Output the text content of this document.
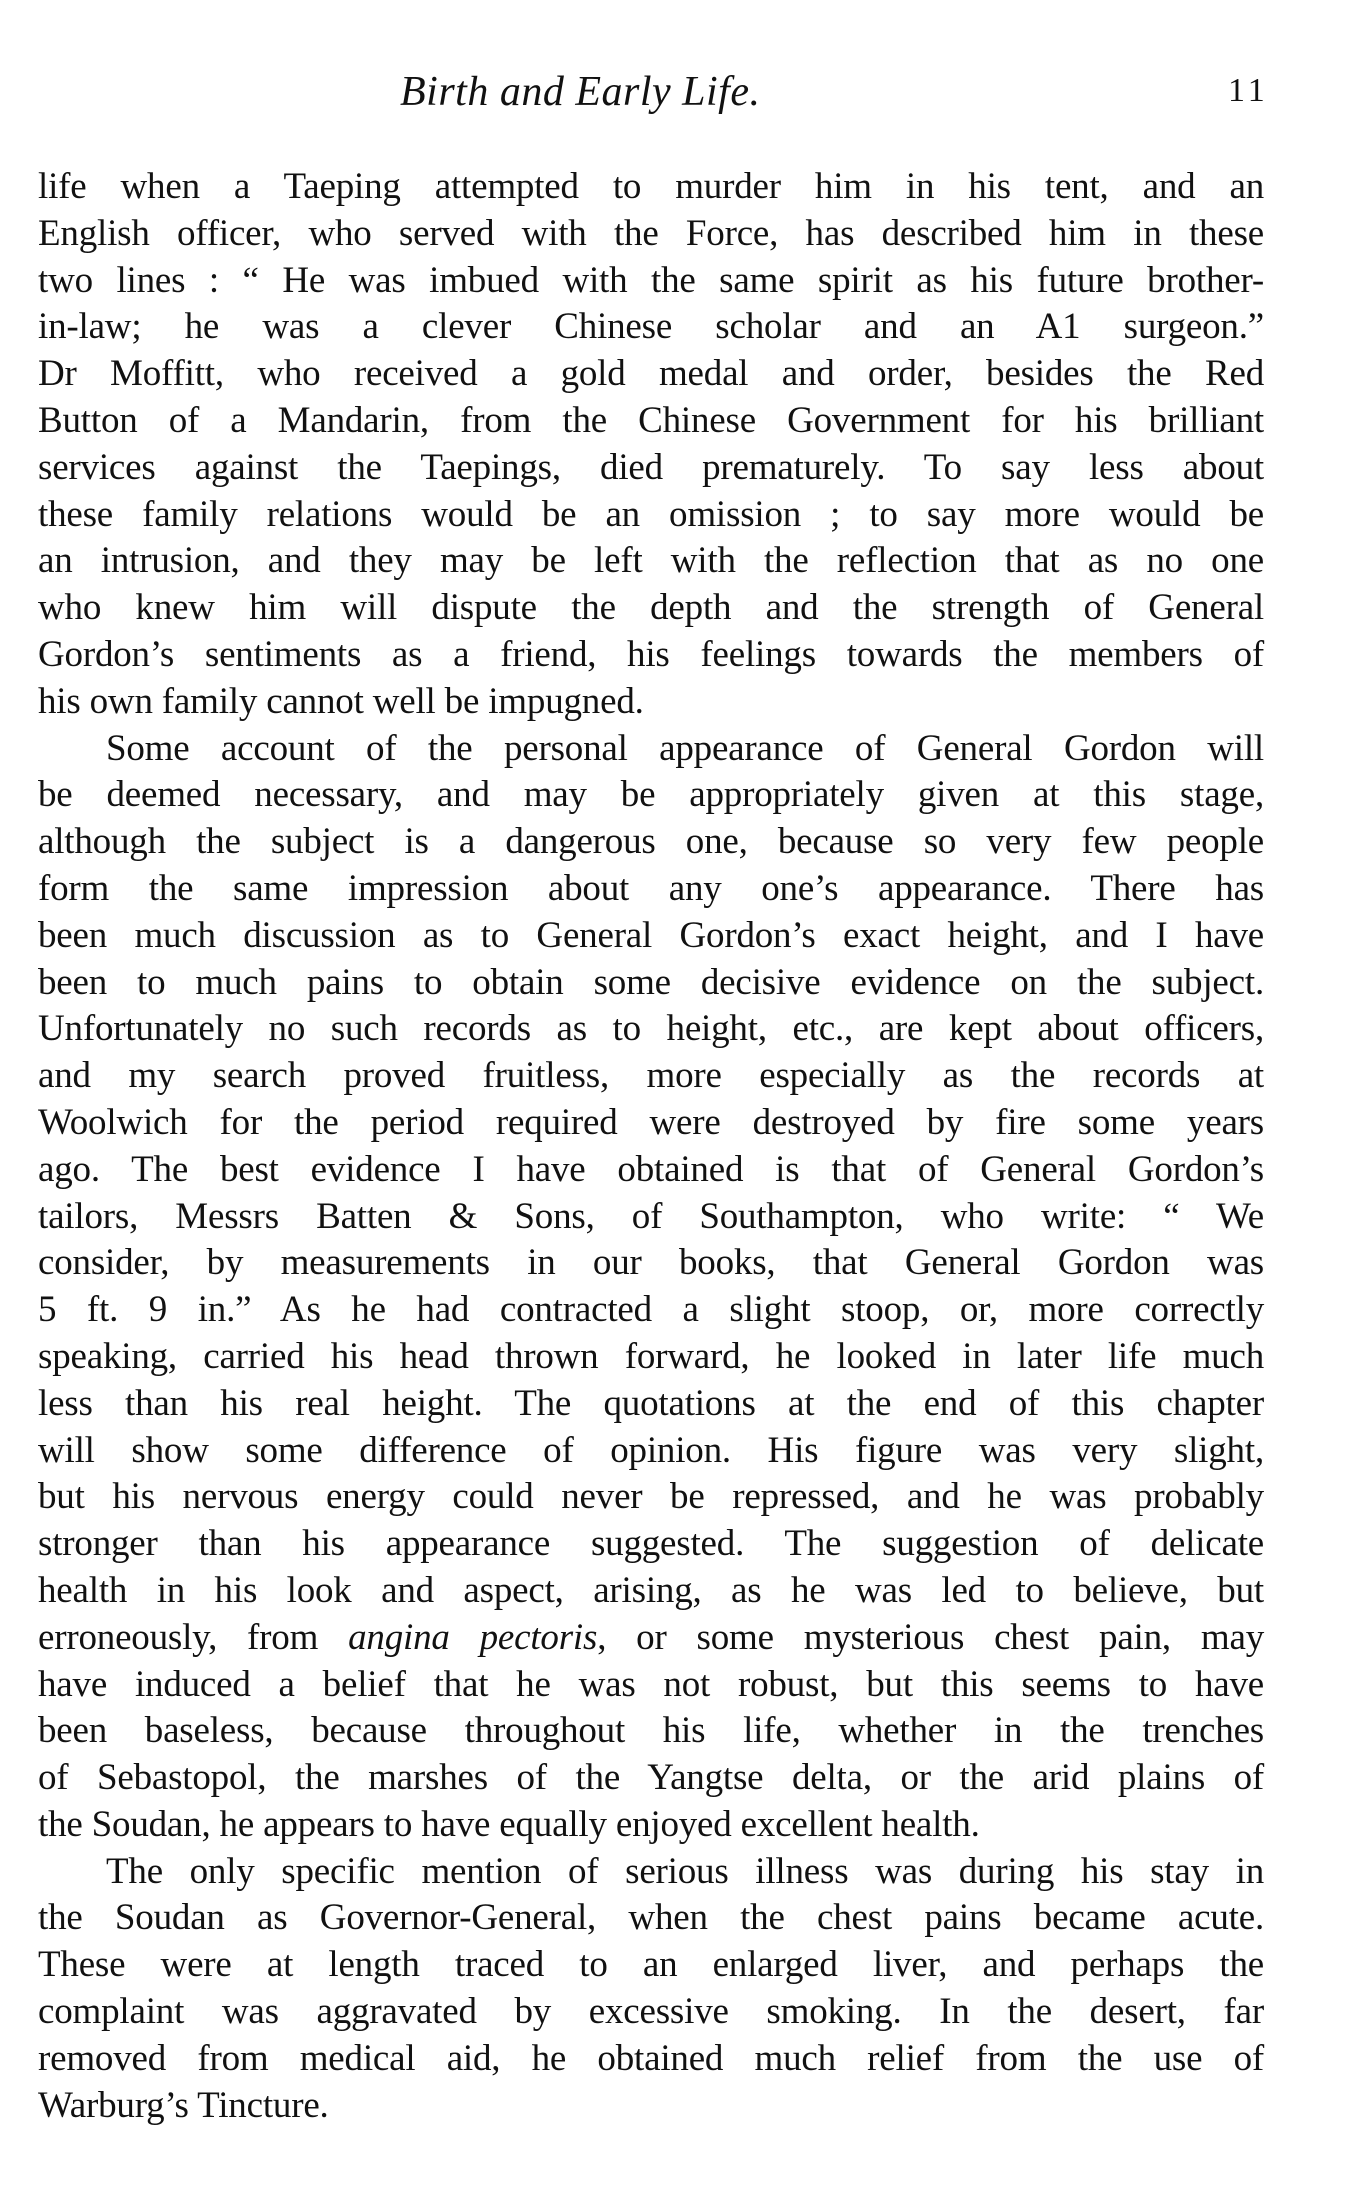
Birth and Early Life.	11
life when a Taeping attempted to murder him in his tent, and an
English officer, who served with the Force, has described him in these
two lines : “ He was imbued with the same spirit as his future brother-
in-law; he was a clever Chinese scholar and an A1 surgeon.”
Dr Moffitt, who received a gold medal and order, besides the Red
Button of a Mandarin, from the Chinese Government for his brilliant
services against the Taepings, died prematurely. To say less about
these family relations would be an omission ; to say more would be
an intrusion, and they may be left with the reflection that as no one
who knew him will dispute the depth and the strength of General
Gordon’s sentiments as a friend, his feelings towards the members of
his own family cannot well be impugned.
Some account of the personal appearance of General Gordon will
be deemed necessary, and may be appropriately given at this stage,
although the subject is a dangerous one, because so very few people
form the same impression about any one’s appearance. There has
been much discussion as to General Gordon’s exact height, and I have
been to much pains to obtain some decisive evidence on the subject.
Unfortunately no such records as to height, etc., are kept about officers,
and my search proved fruitless, more especially as the records at
Woolwich for the period required were destroyed by fire some years
ago. The best evidence I have obtained is that of General Gordon’s
tailors, Messrs Batten & Sons, of Southampton, who write: “ We
consider, by measurements in our books, that General Gordon was
5 ft. 9 in.” As he had contracted a slight stoop, or, more correctly
speaking, carried his head thrown forward, he looked in later life much
less than his real height. The quotations at the end of this chapter
will show some difference of opinion. His figure was very slight,
but his nervous energy could never be repressed, and he was probably
stronger than his appearance suggested. The suggestion of delicate
health in his look and aspect, arising, as he was led to believe, but
erroneously, from angina pectoris, or some mysterious chest pain, may
have induced a belief that he was not robust, but this seems to have
been baseless, because throughout his life, whether in the trenches
of Sebastopol, the marshes of the Yangtse delta, or the arid plains of
the Soudan, he appears to have equally enjoyed excellent health.
The only specific mention of serious illness was during his stay in
the Soudan as Governor-General, when the chest pains became acute.
These were at length traced to an enlarged liver, and perhaps the
complaint was aggravated by excessive smoking. In the desert, far
removed from medical aid, he obtained much relief from the use of
Warburg’s Tincture.
